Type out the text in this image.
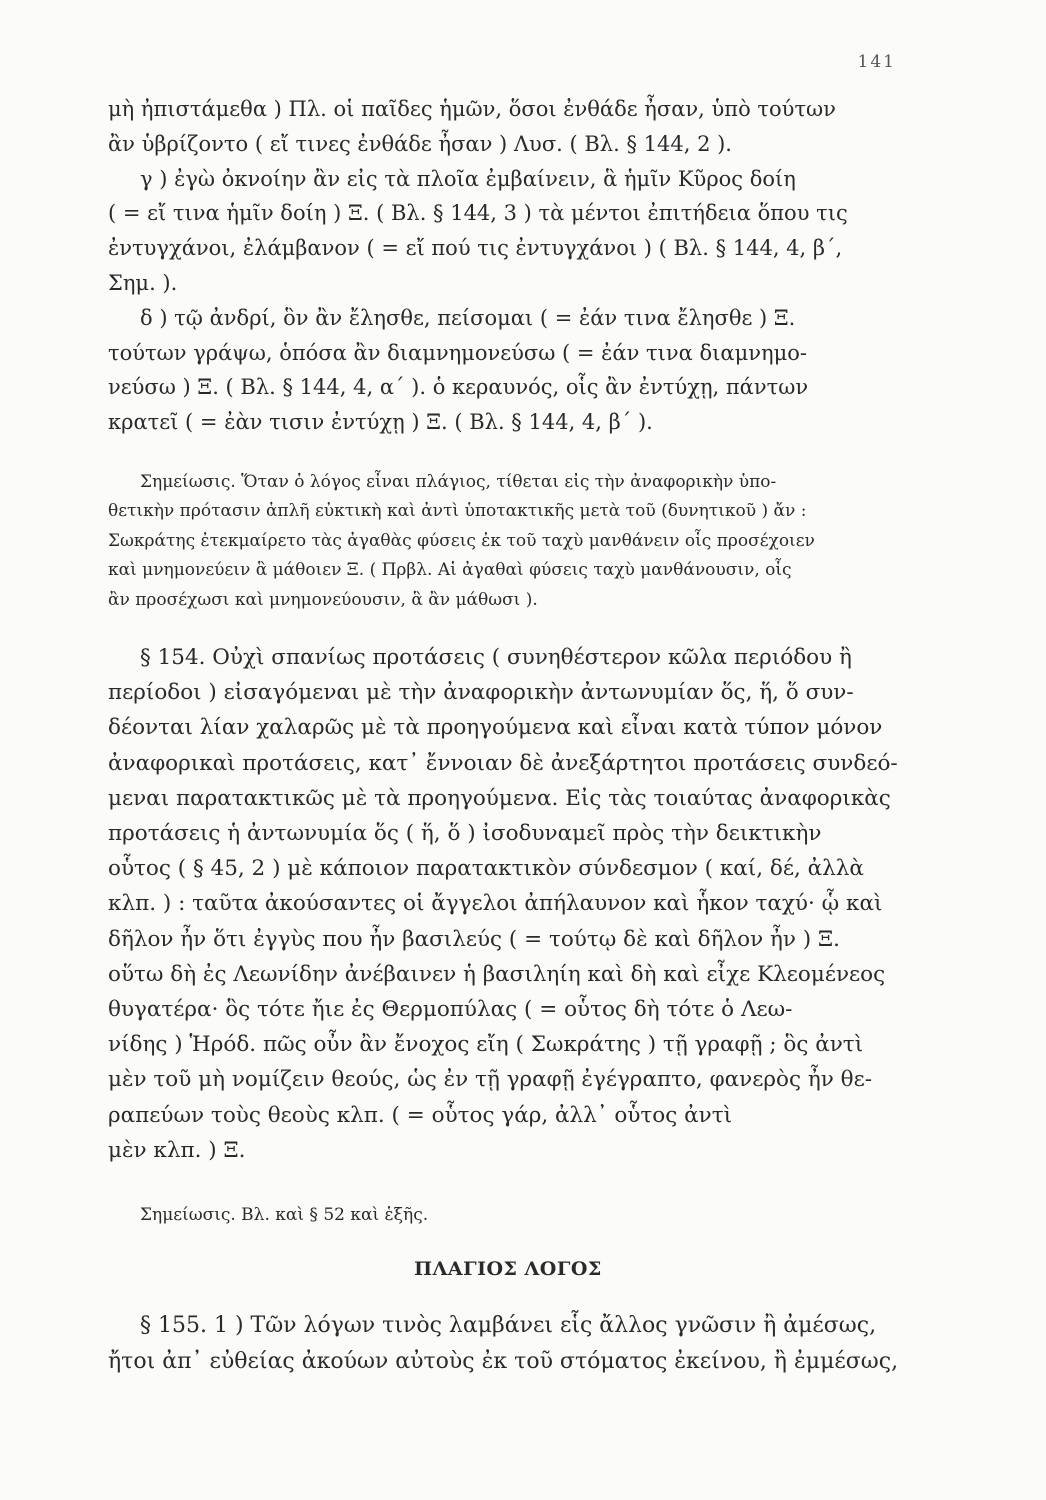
141
μὴ ἠπιστάμεθα ) Πλ. οἱ παῖδες ἡμῶν, ὅσοι ἐνθάδε ἦσαν, ὑπὸ τούτων
ἂν ὑβρίζοντο ( εἴ τινες ἐνθάδε ἦσαν ) Λυσ. ( Βλ. § 144, 2 ).
γ ) ἐγὼ ὀκνοίην ἂν εἰς τὰ πλοῖα ἐμβαίνειν, ἃ ἡμῖν Κῦρος δοίη
( = εἴ τινα ἡμῖν δοίη ) Ξ. ( Βλ. § 144, 3 ) τὰ μέντοι ἐπιτήδεια ὅπου τις
ἐντυγχάνοι, ἐλάμβανον ( = εἴ πού τις ἐντυγχάνοι ) ( Βλ. § 144, 4, β΄,
Σημ. ).
δ ) τῷ ἀνδρί, ὃν ἂν ἔλησθε, πείσομαι ( = ἐάν τινα ἔλησθε ) Ξ.
τούτων γράψω, ὁπόσα ἂν διαμνημονεύσω ( = ἐάν τινα διαμνημο-
νεύσω ) Ξ. ( Βλ. § 144, 4, α΄ ). ὁ κεραυνός, οἷς ἂν ἐντύχῃ, πάντων
κρατεῖ ( = ἐὰν τισιν ἐντύχῃ ) Ξ. ( Βλ. § 144, 4, β΄ ).
Σημείωσις. Ὅταν ὁ λόγος εἶναι πλάγιος, τίθεται εἰς τὴν ἀναφορικὴν ὑπο-
θετικὴν πρότασιν ἁπλῆ εὐκτικὴ καὶ ἀντὶ ὑποτακτικῆς μετὰ τοῦ (δυνητικοῦ ) ἄν :
Σωκράτης ἐτεκμαίρετο τὰς ἀγαθὰς φύσεις ἐκ τοῦ ταχὺ μανθάνειν οἷς προσέχοιεν
καὶ μνημονεύειν ἃ μάθοιεν Ξ. ( Πρβλ. Αἱ ἀγαθαὶ φύσεις ταχὺ μανθάνουσιν, οἷς
ἂν προσέχωσι καὶ μνημονεύουσιν, ἃ ἂν μάθωσι ).
§ 154. Οὐχὶ σπανίως προτάσεις ( συνηθέστερον κῶλα περιόδου ἢ
περίοδοι ) εἰσαγόμεναι μὲ τὴν ἀναφορικὴν ἀντωνυμίαν ὅς, ἥ, ὅ συν-
δέονται λίαν χαλαρῶς μὲ τὰ προηγούμενα καὶ εἶναι κατὰ τύπον μόνον
ἀναφορικαὶ προτάσεις, κατ᾽ ἔννοιαν δὲ ἀνεξάρτητοι προτάσεις συνδεό-
μεναι παρατακτικῶς μὲ τὰ προηγούμενα. Εἰς τὰς τοιαύτας ἀναφορικὰς
προτάσεις ἡ ἀντωνυμία ὅς ( ἥ, ὅ ) ἰσοδυναμεῖ πρὸς τὴν δεικτικὴν
οὗτος ( § 45, 2 ) μὲ κάποιον παρατακτικὸν σύνδεσμον ( καί, δέ, ἀλλὰ
κλπ. ) : ταῦτα ἀκούσαντες οἱ ἄγγελοι ἀπήλαυνον καὶ ἧκον ταχύ· ᾧ καὶ
δῆλον ἦν ὅτι ἐγγὺς που ἦν βασιλεύς ( = τούτῳ δὲ καὶ δῆλον ἦν ) Ξ.
οὕτω δὴ ἐς Λεωνίδην ἀνέβαινεν ἡ βασιληίη καὶ δὴ καὶ εἶχε Κλεομένεος
θυγατέρα· ὃς τότε ἤιε ἐς Θερμοπύλας ( = οὗτος δὴ τότε ὁ Λεω-
νίδης ) Ἡρόδ. πῶς οὖν ἂν ἔνοχος εἴη ( Σωκράτης ) τῇ γραφῇ ; ὃς ἀντὶ
μὲν τοῦ μὴ νομίζειν θεούς, ὡς ἐν τῇ γραφῇ ἐγέγραπτο, φανερὸς ἦν θε-
ραπεύων τοὺς θεοὺς κλπ. ( = οὗτος γάρ, ἀλλ᾽ οὗτος ἀντὶ
μὲν κλπ. ) Ξ.
Σημείωσις. Βλ. καὶ § 52 καὶ ἑξῆς.
ΠΛΑΓΙΟΣ ΛΟΓΟΣ
§ 155. 1 ) Τῶν λόγων τινὸς λαμβάνει εἷς ἄλλος γνῶσιν ἢ ἀμέσως,
ἤτοι ἀπ᾽ εὐθείας ἀκούων αὐτοὺς ἐκ τοῦ στόματος ἐκείνου, ἢ ἐμμέσως,
